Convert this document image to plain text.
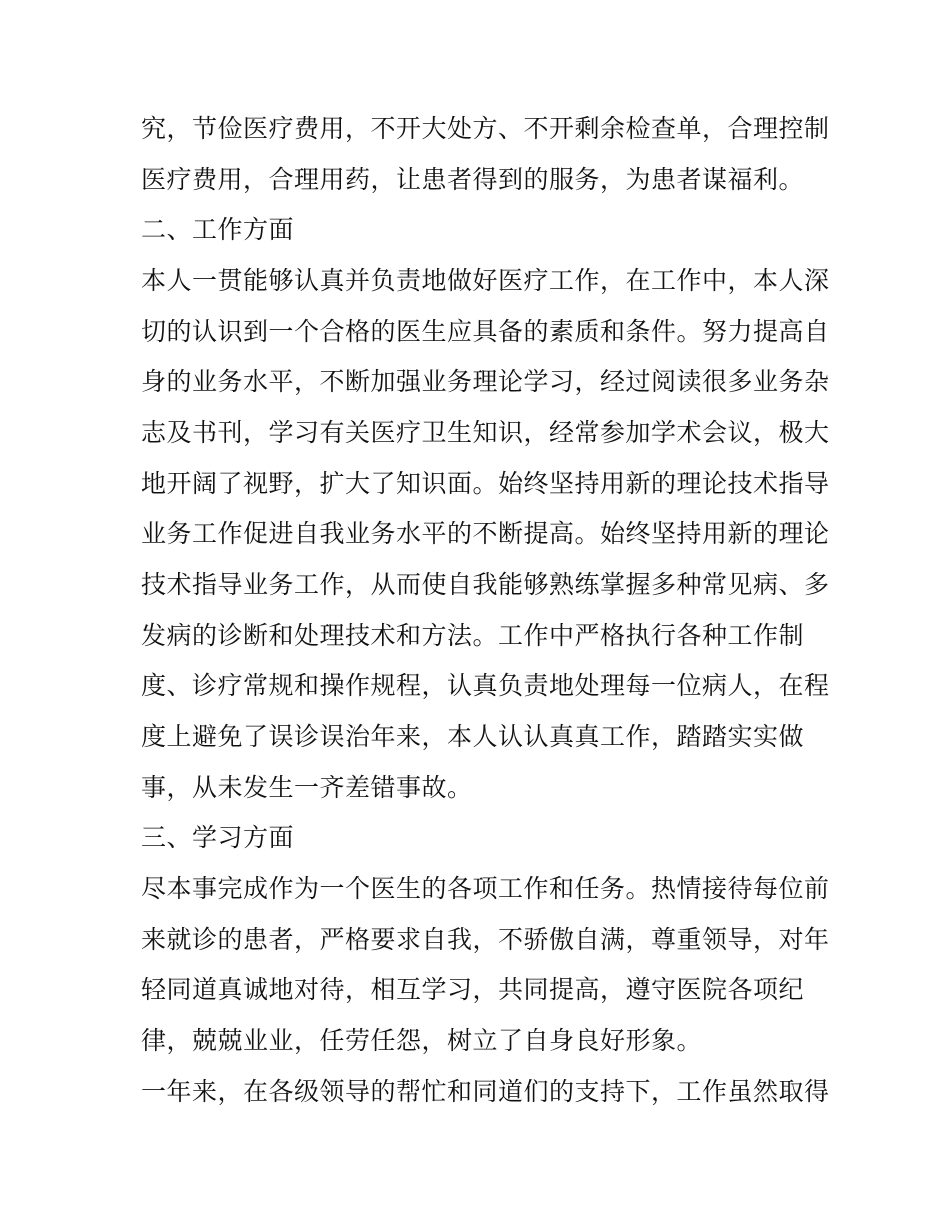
究，节俭医疗费用，不开大处方、不开剩余检查单，合理控制
医疗费用，合理用药，让患者得到的服务，为患者谋福利。
二、工作方面
本人一贯能够认真并负责地做好医疗工作，在工作中，本人深
切的认识到一个合格的医生应具备的素质和条件。努力提高自
身的业务水平，不断加强业务理论学习，经过阅读很多业务杂
志及书刊，学习有关医疗卫生知识，经常参加学术会议，极大
地开阔了视野，扩大了知识面。始终坚持用新的理论技术指导
业务工作促进自我业务水平的不断提高。始终坚持用新的理论
技术指导业务工作，从而使自我能够熟练掌握多种常见病、多
发病的诊断和处理技术和方法。工作中严格执行各种工作制
度、诊疗常规和操作规程，认真负责地处理每一位病人，在程
度上避免了误诊误治年来，本人认认真真工作，踏踏实实做
事，从未发生一齐差错事故。
三、学习方面
尽本事完成作为一个医生的各项工作和任务。热情接待每位前
来就诊的患者，严格要求自我，不骄傲自满，尊重领导，对年
轻同道真诚地对待，相互学习，共同提高，遵守医院各项纪
律，兢兢业业，任劳任怨，树立了自身良好形象。
一年来，在各级领导的帮忙和同道们的支持下，工作虽然取得
